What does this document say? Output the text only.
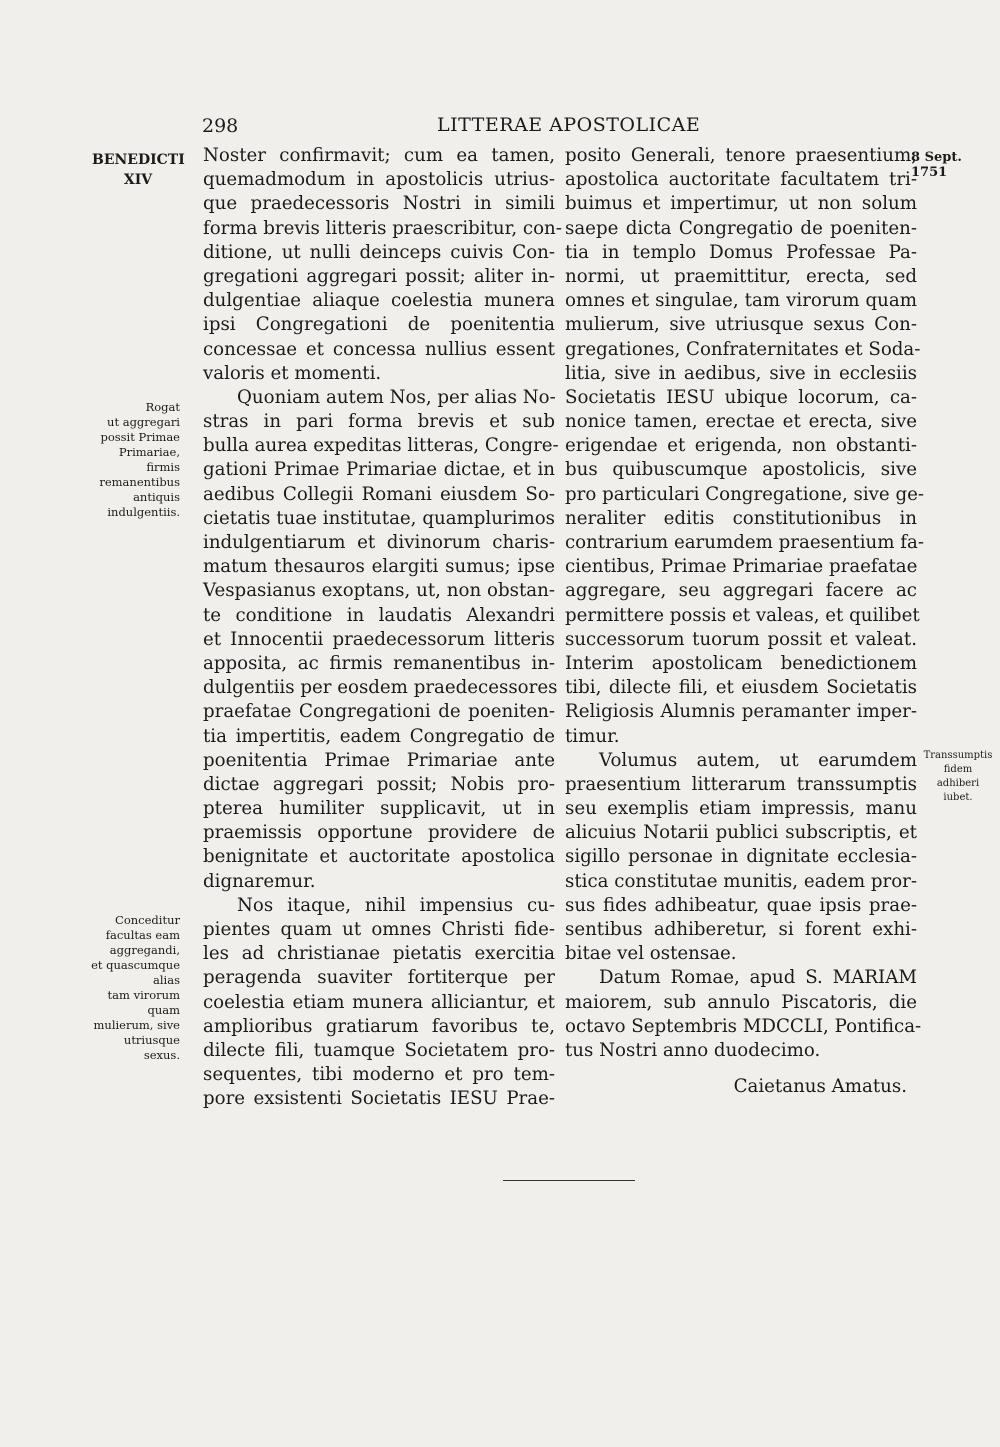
298	LITTERAE APOSTOLICAE
BENEDICTI
XIV
8 Sept. 1751
Rogat
ut aggregari
possit Primae
Primariae,
firmis
remanentibus
antiquis
indulgentiis.
Conceditur
facultas eam
aggregandi,
et quascumque
alias
tam virorum
quam
mulierum, sive
utriusque
sexus.
Transsumptis
fidem adhiberi
iubet.
Noster confirmavit; cum ea tamen,
quemadmodum in apostolicis utrius-
que praedecessoris Nostri in simili
forma brevis litteris praescribitur, con-
ditione, ut nulli deinceps cuivis Con-
gregationi aggregari possit; aliter in-
dulgentiae aliaque coelestia munera
ipsi Congregationi de poenitentia
concessae et concessa nullius essent
valoris et momenti.
Quoniam autem Nos, per alias No-
stras in pari forma brevis et sub
bulla aurea expeditas litteras, Congre-
gationi Primae Primariae dictae, et in
aedibus Collegii Romani eiusdem So-
cietatis tuae institutae, quamplurimos
indulgentiarum et divinorum charis-
matum thesauros elargiti sumus; ipse
Vespasianus exoptans, ut, non obstan-
te conditione in laudatis Alexandri
et Innocentii praedecessorum litteris
apposita, ac firmis remanentibus in-
dulgentiis per eosdem praedecessores
praefatae Congregationi de poeniten-
tia impertitis, eadem Congregatio de
poenitentia Primae Primariae ante
dictae aggregari possit; Nobis pro-
pterea humiliter supplicavit, ut in
praemissis opportune providere de
benignitate et auctoritate apostolica
dignaremur.
Nos itaque, nihil impensius cu-
pientes quam ut omnes Christi fide-
les ad christianae pietatis exercitia
peragenda suaviter fortiterque per
coelestia etiam munera alliciantur, et
amplioribus gratiarum favoribus te,
dilecte fili, tuamque Societatem pro-
sequentes, tibi moderno et pro tem-
pore exsistenti Societatis IESU Prae-
posito Generali, tenore praesentium,
apostolica auctoritate facultatem tri-
buimus et impertimur, ut non solum
saepe dicta Congregatio de poeniten-
tia in templo Domus Professae Pa-
normi, ut praemittitur, erecta, sed
omnes et singulae, tam virorum quam
mulierum, sive utriusque sexus Con-
gregationes, Confraternitates et Soda-
litia, sive in aedibus, sive in ecclesiis
Societatis IESU ubique locorum, ca-
nonice tamen, erectae et erecta, sive
erigendae et erigenda, non obstanti-
bus quibuscumque apostolicis, sive
pro particulari Congregatione, sive ge-
neraliter editis constitutionibus in
contrarium earumdem praesentium fa-
cientibus, Primae Primariae praefatae
aggregare, seu aggregari facere ac
permittere possis et valeas, et quilibet
successorum tuorum possit et valeat.
Interim apostolicam benedictionem
tibi, dilecte fili, et eiusdem Societatis
Religiosis Alumnis peramanter imper-
timur.
Volumus autem, ut earumdem
praesentium litterarum transsumptis
seu exemplis etiam impressis, manu
alicuius Notarii publici subscriptis, et
sigillo personae in dignitate ecclesia-
stica constitutae munitis, eadem pror-
sus fides adhibeatur, quae ipsis prae-
sentibus adhiberetur, si forent exhi-
bitae vel ostensae.
Datum Romae, apud S. MARIAM
maiorem, sub annulo Piscatoris, die
octavo Septembris MDCCLI, Pontifica-
tus Nostri anno duodecimo.
Caietanus Amatus.
